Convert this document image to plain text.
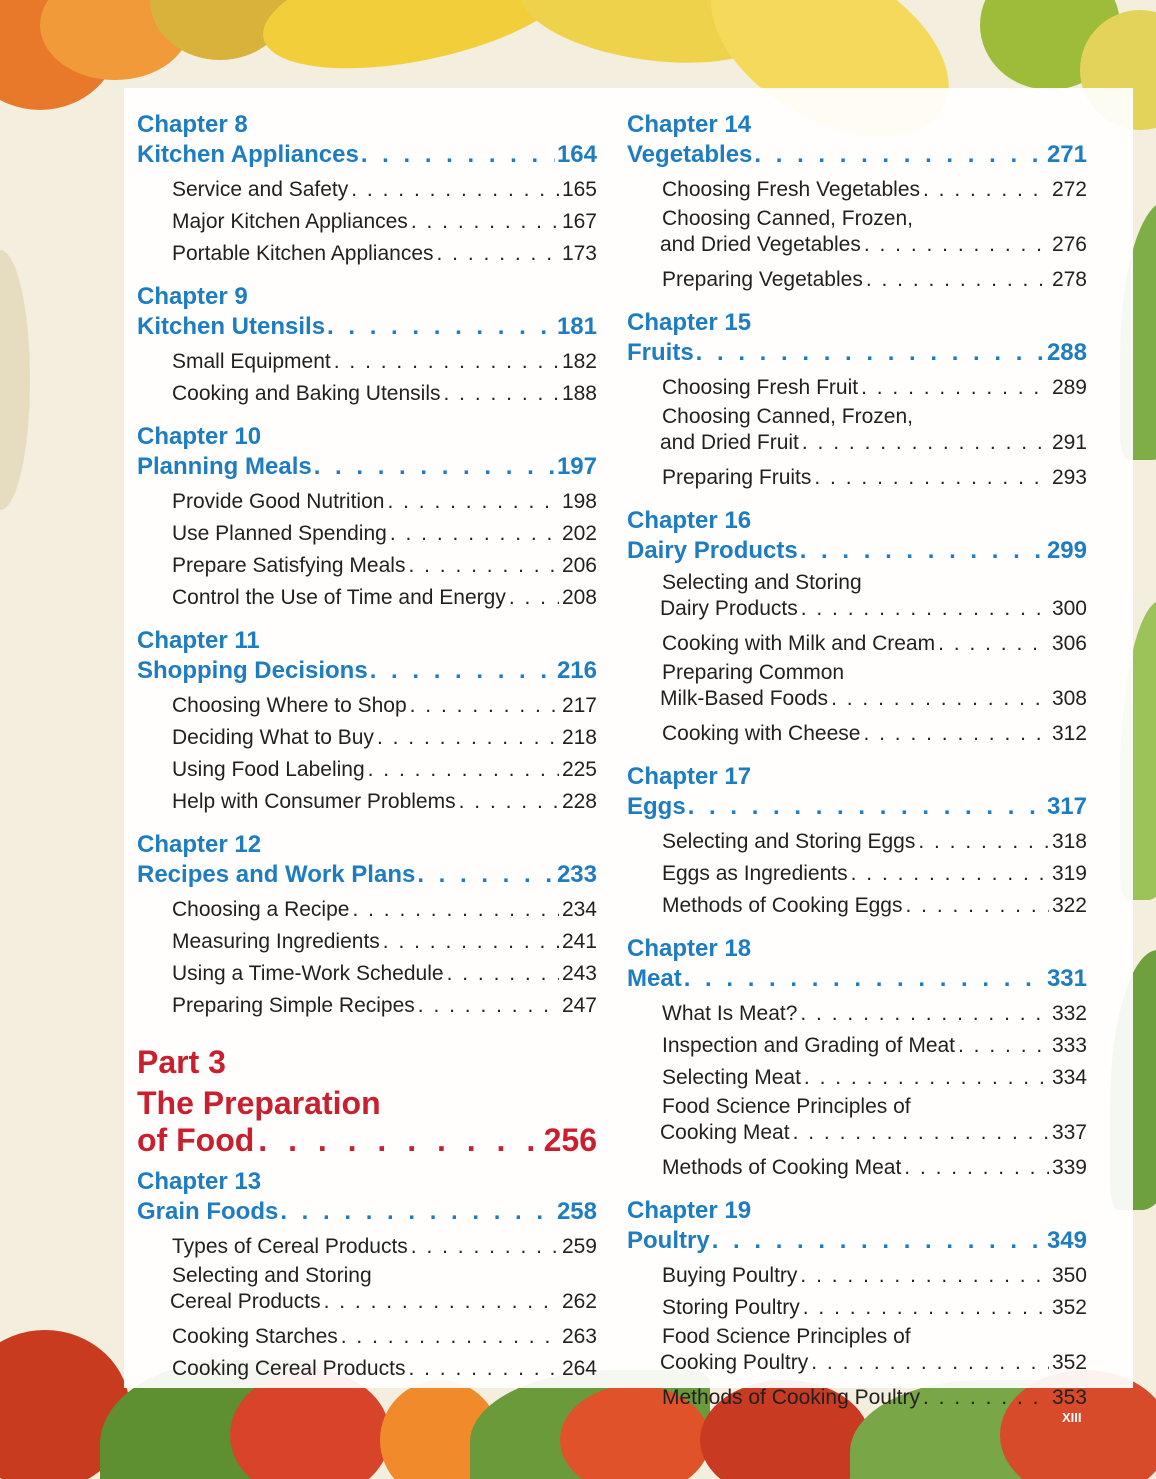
Chapter 8
Kitchen Appliances . . .	164
Service and Safety . . .	165
Major Kitchen Appliances . . .	167
Portable Kitchen Appliances . . .	173
Chapter 9
Kitchen Utensils . . .	181
Small Equipment . . .	182
Cooking and Baking Utensils . . .	188
Chapter 10
Planning Meals . . .	197
Provide Good Nutrition . . .	198
Use Planned Spending . . .	202
Prepare Satisfying Meals . . .	206
Control the Use of Time and Energy . . .	208
Chapter 11
Shopping Decisions . . .	216
Choosing Where to Shop . . .	217
Deciding What to Buy . . .	218
Using Food Labeling . . .	225
Help with Consumer Problems . . .	228
Chapter 12
Recipes and Work Plans . . .	233
Choosing a Recipe . . .	234
Measuring Ingredients . . .	241
Using a Time-Work Schedule . . .	243
Preparing Simple Recipes . . .	247
Part 3
The Preparation
of Food . . .	256
Chapter 13
Grain Foods . . .	258
Types of Cereal Products . . .	259
Selecting and Storing
Cereal Products . . .	262
Cooking Starches . . .	263
Cooking Cereal Products . . .	264
Chapter 14
Vegetables . . .	271
Choosing Fresh Vegetables . . .	272
Choosing Canned, Frozen,
and Dried Vegetables . . .	276
Preparing Vegetables . . .	278
Chapter 15
Fruits . . .	288
Choosing Fresh Fruit . . .	289
Choosing Canned, Frozen,
and Dried Fruit . . .	291
Preparing Fruits . . .	293
Chapter 16
Dairy Products . . .	299
Selecting and Storing
Dairy Products . . .	300
Cooking with Milk and Cream . . .	306
Preparing Common
Milk-Based Foods . . .	308
Cooking with Cheese . . .	312
Chapter 17
Eggs . . .	317
Selecting and Storing Eggs . . .	318
Eggs as Ingredients . . .	319
Methods of Cooking Eggs . . .	322
Chapter 18
Meat . . .	331
What Is Meat? . . .	332
Inspection and Grading of Meat . . .	333
Selecting Meat . . .	334
Food Science Principles of
Cooking Meat . . .	337
Methods of Cooking Meat . . .	339
Chapter 19
Poultry . . .	349
Buying Poultry . . .	350
Storing Poultry . . .	352
Food Science Principles of
Cooking Poultry . . .	352
Methods of Cooking Poultry . . .	353
XIII
